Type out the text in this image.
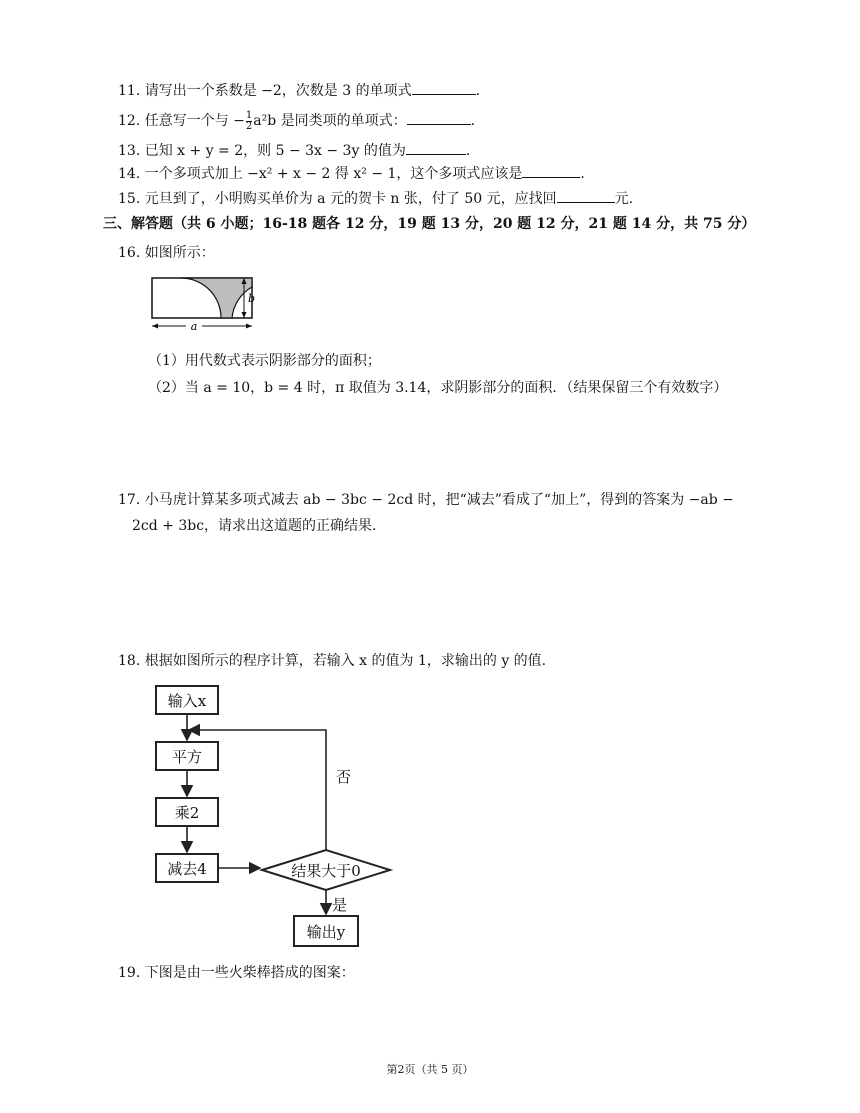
11. 请写出一个系数是 −2，次数是 3 的单项式	.
12. 任意写一个与 − $\frac{1}{2} a^2b$ 是同类项的单项式：	.
13. 已知 x + y = 2，则 5 − 3x − 3y 的值为	.
14. 一个多项式加上 −x² + x − 2 得 x² − 1，这个多项式应该是	.
15. 元旦到了，小明购买单价为 a 元的贺卡 n 张，付了 50 元，应找回	元.
三、解答题（共 6 小题；16-18 题各 12 分，19 题 13 分，20 题 12 分，21 题 14 分，共 75 分）
16. 如图所示：
a
b
（1）用代数式表示阴影部分的面积；
（2）当 a = 10，b = 4 时，π 取值为 3.14，求阴影部分的面积．（结果保留三个有效数字）
17. 小马虎计算某多项式减去 ab − 3bc − 2cd 时，把“减去”看成了“加上”，得到的答案为 −ab −
2cd + 3bc，请求出这道题的正确结果.
18. 根据如图所示的程序计算，若输入 x 的值为 1，求输出的 y 的值.
输入x
平方
乘2
减去4	结果大于0
否
是
输出y
19. 下图是由一些火柴棒搭成的图案：
第2页（共 5 页）
